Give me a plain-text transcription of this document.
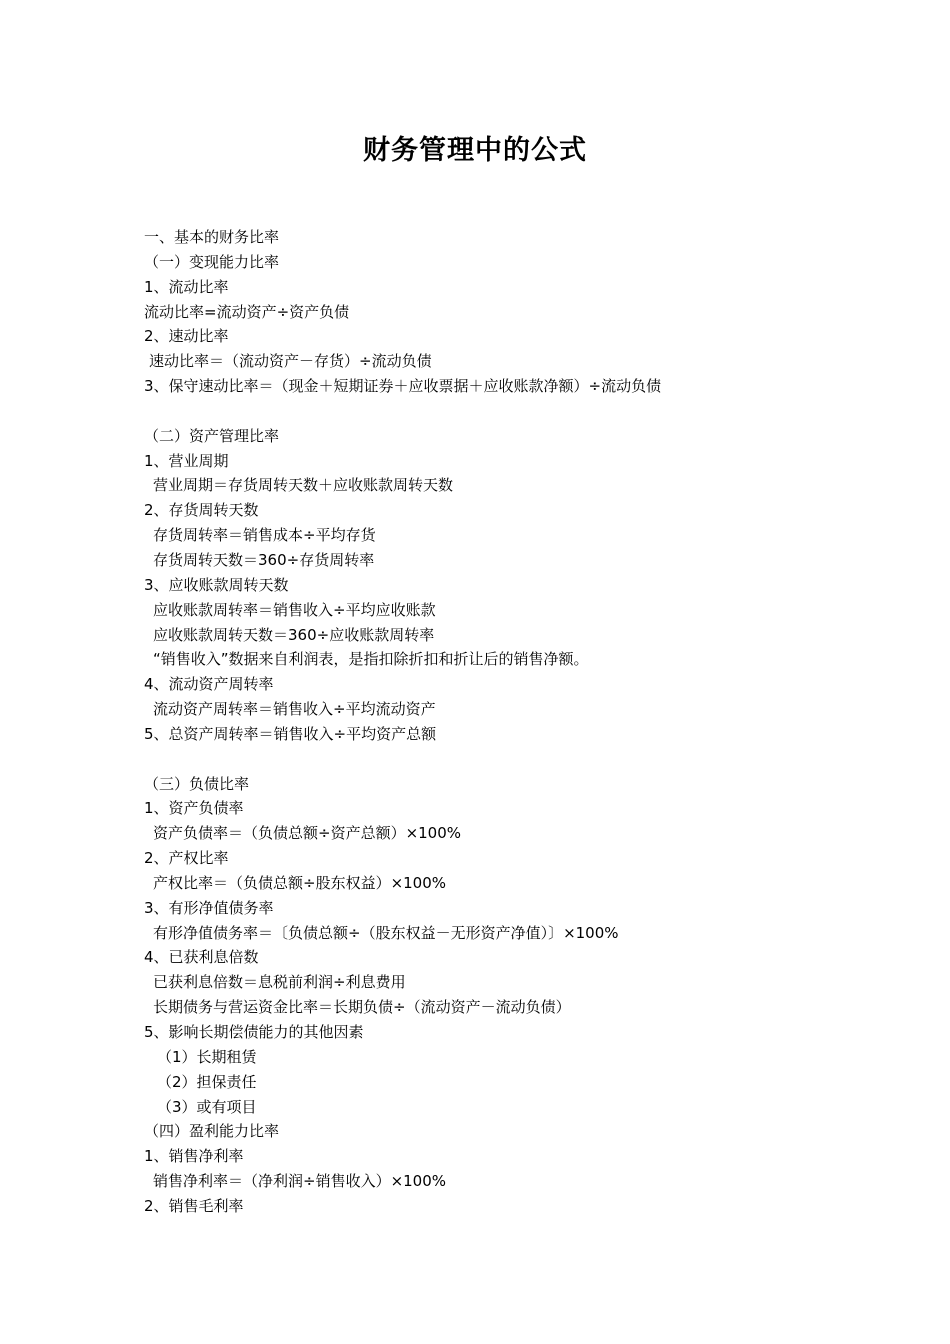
财务管理中的公式
一、基本的财务比率
（一）变现能力比率
1、流动比率
流动比率=流动资产÷资产负债
2、速动比率
速动比率＝（流动资产－存货）÷流动负债
3、保守速动比率＝（现金＋短期证券＋应收票据＋应收账款净额）÷流动负债
（二）资产管理比率
1、营业周期
营业周期＝存货周转天数＋应收账款周转天数
2、存货周转天数
存货周转率＝销售成本÷平均存货
存货周转天数＝360÷存货周转率
3、应收账款周转天数
应收账款周转率＝销售收入÷平均应收账款
应收账款周转天数＝360÷应收账款周转率
“销售收入”数据来自利润表，是指扣除折扣和折让后的销售净额。
4、流动资产周转率
流动资产周转率＝销售收入÷平均流动资产
5、总资产周转率＝销售收入÷平均资产总额
（三）负债比率
1、资产负债率
资产负债率＝（负债总额÷资产总额）×100%
2、产权比率
产权比率＝（负债总额÷股东权益）×100%
3、有形净值债务率
有形净值债务率＝〔负债总额÷（股东权益－无形资产净值）〕×100%
4、已获利息倍数
已获利息倍数＝息税前利润÷利息费用
长期债务与营运资金比率＝长期负债÷（流动资产－流动负债）
5、影响长期偿债能力的其他因素
（1）长期租赁
（2）担保责任
（3）或有项目
（四）盈利能力比率
1、销售净利率
销售净利率＝（净利润÷销售收入）×100%
2、销售毛利率
